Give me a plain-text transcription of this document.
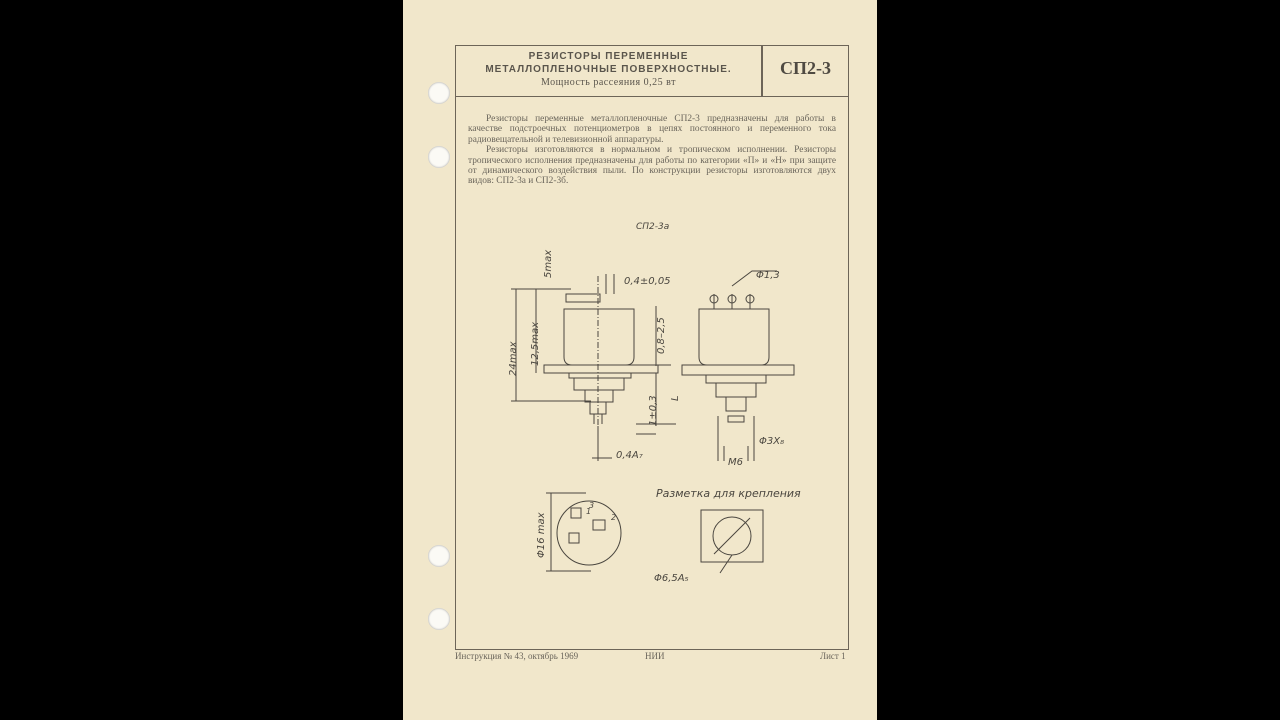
РЕЗИСТОРЫ ПЕРЕМЕННЫЕ
МЕТАЛЛОПЛЕНОЧНЫЕ ПОВЕРХНОСТНЫЕ.
Мощность рассеяния 0,25 вт
СП2-3

Резисторы переменные металлопленочные СП2-3 предназначены для работы в качестве подстроечных потенциометров в цепях постоянного и переменного тока радиовещательной и телевизионной аппаратуры.

Резисторы изготовляются в нормальном и тропическом исполнении. Резисторы тропического исполнения предназначены для работы по категории «П» и «Н» при защите от динамического воздействия пыли. По конструкции резисторы изготовляются двух видов: СП2-3а и СП2-3б.

СП2-3а
5max
0,4±0,05
24max 12,5max	0,8–2,5
1±0,3 L
0,4A₇
Φ1,3
Φ3X₈
M6
Φ16 max
1
2
3
Разметка для крепления
Φ6,5A₅
Инструкция № 43, октябрь 1969	НИИ	Лист 1
